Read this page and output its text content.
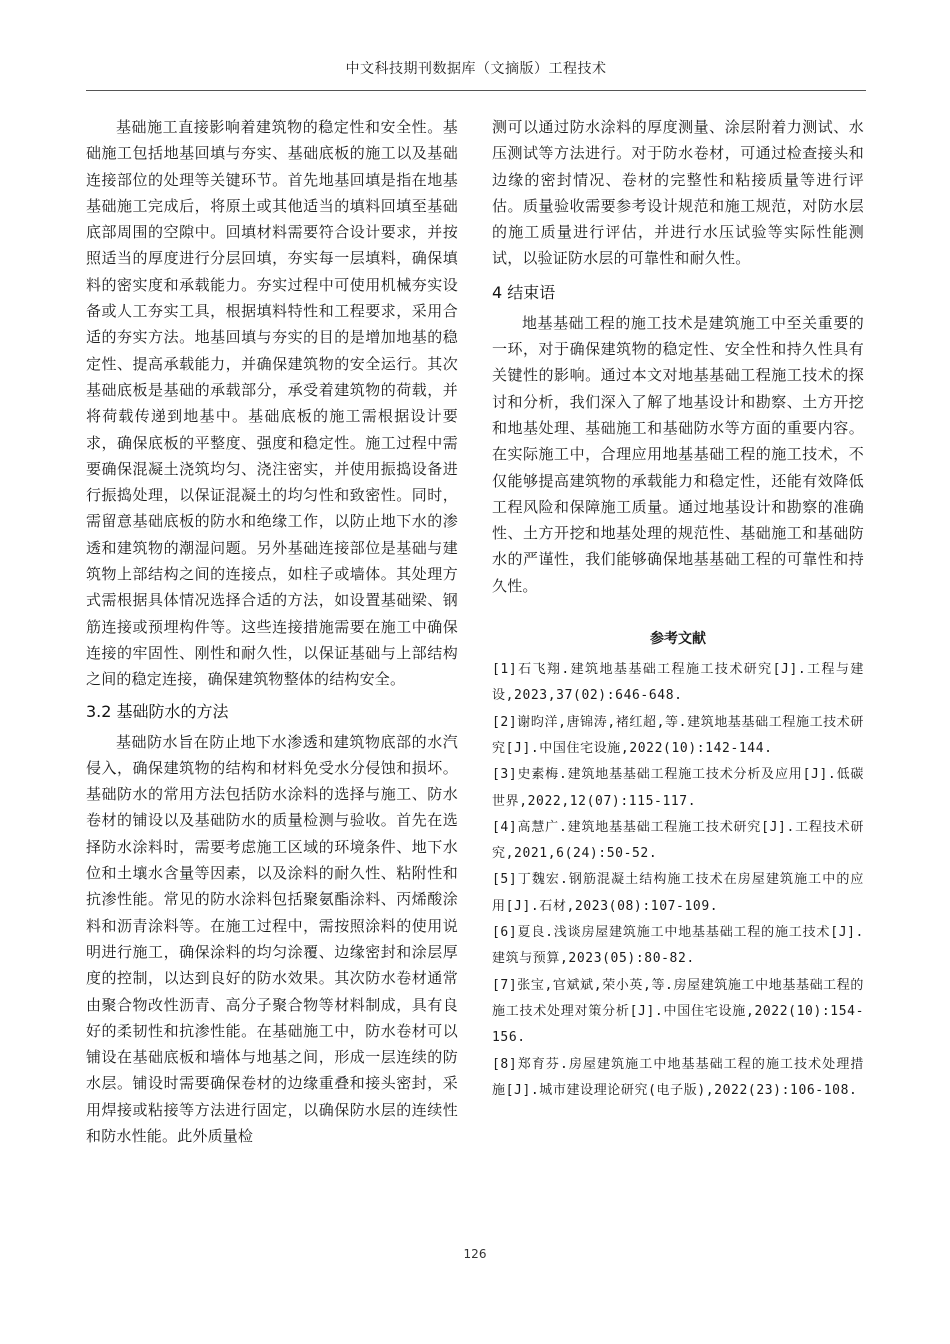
中文科技期刊数据库（文摘版）工程技术

基础施工直接影响着建筑物的稳定性和安全性。基础施工包括地基回填与夯实、基础底板的施工以及基础连接部位的处理等关键环节。首先地基回填是指在地基基础施工完成后，将原土或其他适当的填料回填至基础底部周围的空隙中。回填材料需要符合设计要求，并按照适当的厚度进行分层回填，夯实每一层填料，确保填料的密实度和承载能力。夯实过程中可使用机械夯实设备或人工夯实工具，根据填料特性和工程要求，采用合适的夯实方法。地基回填与夯实的目的是增加地基的稳定性、提高承载能力，并确保建筑物的安全运行。其次基础底板是基础的承载部分，承受着建筑物的荷载，并将荷载传递到地基中。基础底板的施工需根据设计要求，确保底板的平整度、强度和稳定性。施工过程中需要确保混凝土浇筑均匀、浇注密实，并使用振捣设备进行振捣处理，以保证混凝土的均匀性和致密性。同时，需留意基础底板的防水和绝缘工作，以防止地下水的渗透和建筑物的潮湿问题。另外基础连接部位是基础与建筑物上部结构之间的连接点，如柱子或墙体。其处理方式需根据具体情况选择合适的方法，如设置基础梁、钢筋连接或预埋构件等。这些连接措施需要在施工中确保连接的牢固性、刚性和耐久性，以保证基础与上部结构之间的稳定连接，确保建筑物整体的结构安全。

3.2 基础防水的方法

基础防水旨在防止地下水渗透和建筑物底部的水汽侵入，确保建筑物的结构和材料免受水分侵蚀和损坏。基础防水的常用方法包括防水涂料的选择与施工、防水卷材的铺设以及基础防水的质量检测与验收。首先在选择防水涂料时，需要考虑施工区域的环境条件、地下水位和土壤水含量等因素，以及涂料的耐久性、粘附性和抗渗性能。常见的防水涂料包括聚氨酯涂料、丙烯酸涂料和沥青涂料等。在施工过程中，需按照涂料的使用说明进行施工，确保涂料的均匀涂覆、边缘密封和涂层厚度的控制，以达到良好的防水效果。其次防水卷材通常由聚合物改性沥青、高分子聚合物等材料制成，具有良好的柔韧性和抗渗性能。在基础施工中，防水卷材可以铺设在基础底板和墙体与地基之间，形成一层连续的防水层。铺设时需要确保卷材的边缘重叠和接头密封，采用焊接或粘接等方法进行固定，以确保防水层的连续性和防水性能。此外质量检

测可以通过防水涂料的厚度测量、涂层附着力测试、水压测试等方法进行。对于防水卷材，可通过检查接头和边缘的密封情况、卷材的完整性和粘接质量等进行评估。质量验收需要参考设计规范和施工规范，对防水层的施工质量进行评估，并进行水压试验等实际性能测试，以验证防水层的可靠性和耐久性。

4 结束语

地基基础工程的施工技术是建筑施工中至关重要的一环，对于确保建筑物的稳定性、安全性和持久性具有关键性的影响。通过本文对地基基础工程施工技术的探讨和分析，我们深入了解了地基设计和勘察、土方开挖和地基处理、基础施工和基础防水等方面的重要内容。在实际施工中，合理应用地基基础工程的施工技术，不仅能够提高建筑物的承载能力和稳定性，还能有效降低工程风险和保障施工质量。通过地基设计和勘察的准确性、土方开挖和地基处理的规范性、基础施工和基础防水的严谨性，我们能够确保地基基础工程的可靠性和持久性。

参考文献
[1]石飞翔.建筑地基基础工程施工技术研究[J].工程与建设,2023,37(02):646-648.
[2]谢昀洋,唐锦涛,褚红超,等.建筑地基基础工程施工技术研究[J].中国住宅设施,2022(10):142-144.
[3]史素梅.建筑地基基础工程施工技术分析及应用[J].低碳世界,2022,12(07):115-117.
[4]高慧广.建筑地基基础工程施工技术研究[J].工程技术研究,2021,6(24):50-52.
[5]丁魏宏.钢筋混凝土结构施工技术在房屋建筑施工中的应用[J].石材,2023(08):107-109.
[6]夏良.浅谈房屋建筑施工中地基基础工程的施工技术[J].建筑与预算,2023(05):80-82.
[7]张宝,官斌斌,荣小英,等.房屋建筑施工中地基基础工程的施工技术处理对策分析[J].中国住宅设施,2022(10):154-156.
[8]郑育芬.房屋建筑施工中地基基础工程的施工技术处理措施[J].城市建设理论研究(电子版),2022(23):106-108.
126
